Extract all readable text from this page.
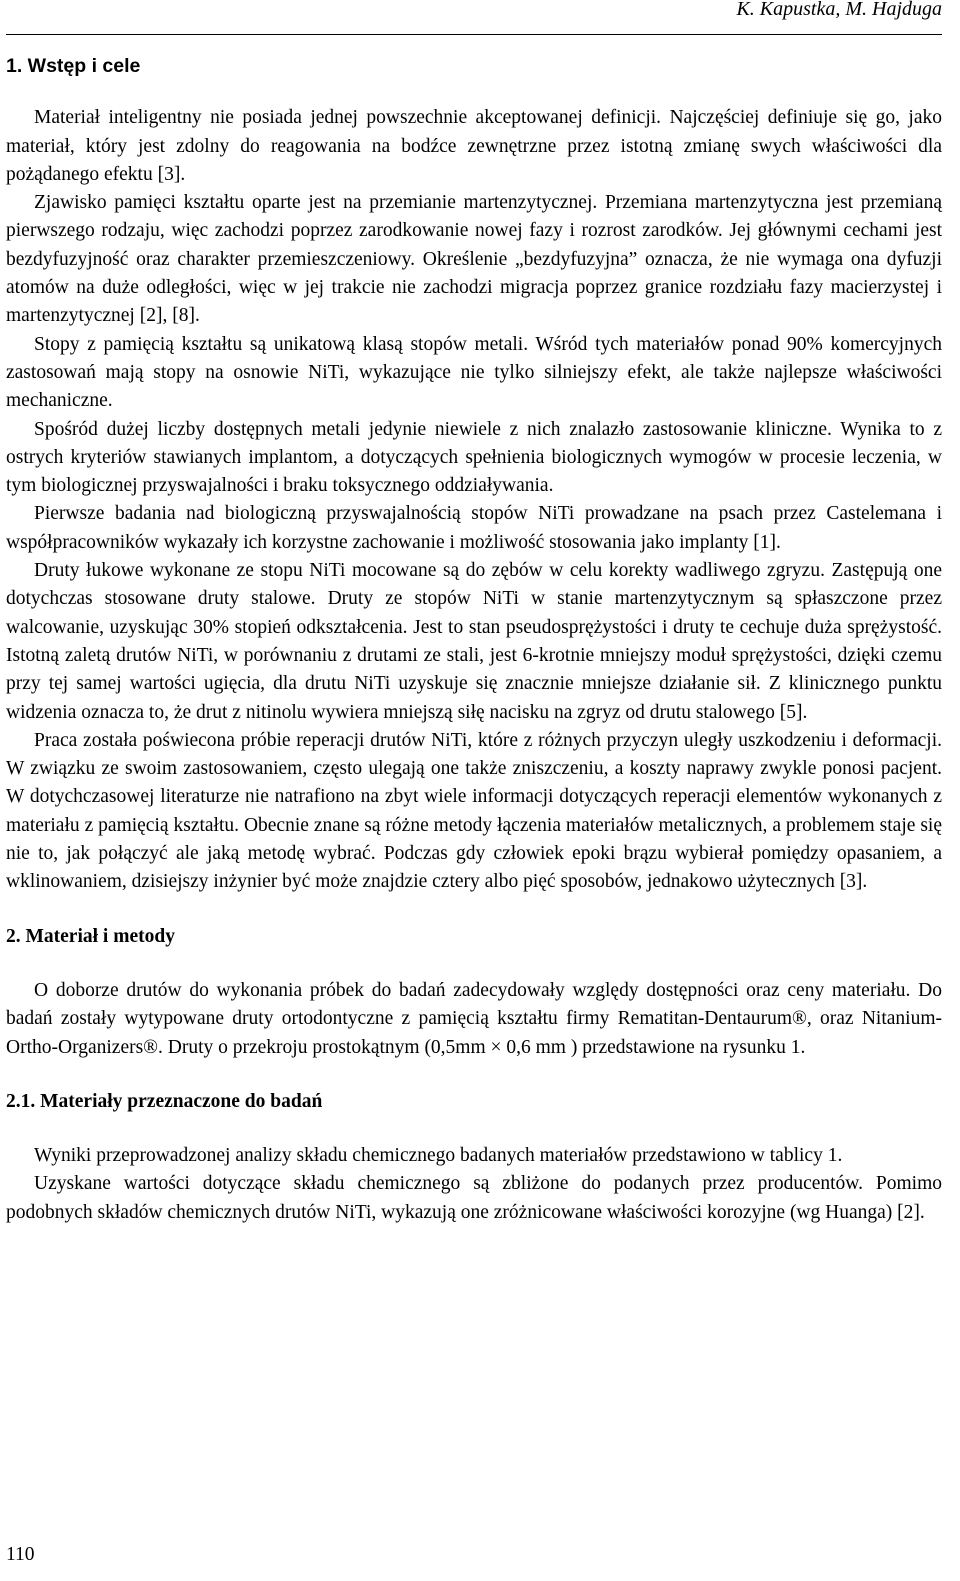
K. Kapustka, M. Hajduga
1. Wstęp i cele

Materiał inteligentny nie posiada jednej powszechnie akceptowanej definicji. Najczęściej definiuje się go, jako materiał, który jest zdolny do reagowania na bodźce zewnętrzne przez istotną zmianę swych właściwości dla pożądanego efektu [3].

Zjawisko pamięci kształtu oparte jest na przemianie martenzytycznej. Przemiana martenzytyczna jest przemianą pierwszego rodzaju, więc zachodzi poprzez zarodkowanie nowej fazy i rozrost zarodków. Jej głównymi cechami jest bezdyfuzyjność oraz charakter przemieszczeniowy. Określenie „bezdyfuzyjna” oznacza, że nie wymaga ona dyfuzji atomów na duże odległości, więc w jej trakcie nie zachodzi migracja poprzez granice rozdziału fazy macierzystej i martenzytycznej [2], [8].

Stopy z pamięcią kształtu są unikatową klasą stopów metali. Wśród tych materiałów ponad 90% komercyjnych zastosowań mają stopy na osnowie NiTi, wykazujące nie tylko silniejszy efekt, ale także najlepsze właściwości mechaniczne.

Spośród dużej liczby dostępnych metali jedynie niewiele z nich znalazło zastosowanie kliniczne. Wynika to z ostrych kryteriów stawianych implantom, a dotyczących spełnienia biologicznych wymogów w procesie leczenia, w tym biologicznej przyswajalności i braku toksycznego oddziaływania.

Pierwsze badania nad biologiczną przyswajalnością stopów NiTi prowadzane na psach przez Castelemana i współpracowników wykazały ich korzystne zachowanie i możliwość stosowania jako implanty [1].

Druty łukowe wykonane ze stopu NiTi mocowane są do zębów w celu korekty wadliwego zgryzu. Zastępują one dotychczas stosowane druty stalowe. Druty ze stopów NiTi w stanie martenzytycznym są spłaszczone przez walcowanie, uzyskując 30% stopień odkształcenia. Jest to stan pseudosprężystości i druty te cechuje duża sprężystość. Istotną zaletą drutów NiTi, w porównaniu z drutami ze stali, jest 6-krotnie mniejszy moduł sprężystości, dzięki czemu przy tej samej wartości ugięcia, dla drutu NiTi uzyskuje się znacznie mniejsze działanie sił. Z klinicznego punktu widzenia oznacza to, że drut z nitinolu wywiera mniejszą siłę nacisku na zgryz od drutu stalowego [5].

Praca została poświecona próbie reperacji drutów NiTi, które z różnych przyczyn uległy uszkodzeniu i deformacji. W związku ze swoim zastosowaniem, często ulegają one także zniszczeniu, a koszty naprawy zwykle ponosi pacjent. W dotychczasowej literaturze nie natrafiono na zbyt wiele informacji dotyczących reperacji elementów wykonanych z materiału z pamięcią kształtu. Obecnie znane są różne metody łączenia materiałów metalicznych, a problemem staje się nie to, jak połączyć ale jaką metodę wybrać. Podczas gdy człowiek epoki brązu wybierał pomiędzy opasaniem, a wklinowaniem, dzisiejszy inżynier być może znajdzie cztery albo pięć sposobów, jednakowo użytecznych [3].

2. Materiał i metody

O doborze drutów do wykonania próbek do badań zadecydowały względy dostępności oraz ceny materiału. Do badań zostały wytypowane druty ortodontyczne z pamięcią kształtu firmy Rematitan-Dentaurum®, oraz Nitanium-Ortho-Organizers®. Druty o przekroju prostokątnym (0,5mm × 0,6 mm ) przedstawione na rysunku 1.

2.1. Materiały przeznaczone do badań

Wyniki przeprowadzonej analizy składu chemicznego badanych materiałów przedstawiono w tablicy 1.

Uzyskane wartości dotyczące składu chemicznego są zbliżone do podanych przez producentów. Pomimo podobnych składów chemicznych drutów NiTi, wykazują one zróżnicowane właściwości korozyjne (wg Huanga) [2].

110
